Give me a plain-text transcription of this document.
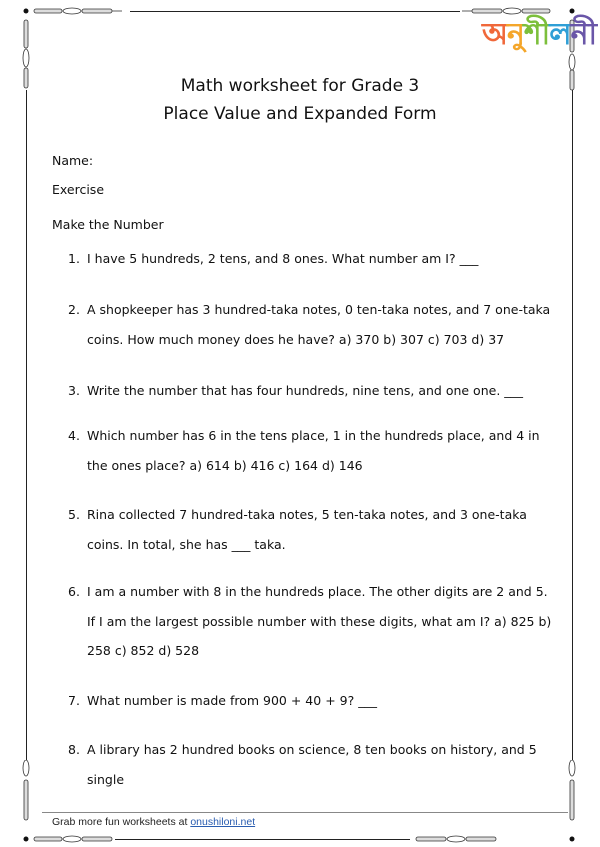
অনুশীলনী
Math worksheet for Grade 3
Place Value and Expanded Form
Name:
Exercise
Make the Number
1. I have 5 hundreds, 2 tens, and 8 ones. What number am I? ___
2. A shopkeeper has 3 hundred-taka notes, 0 ten-taka notes, and 7 one-taka coins. How much money does he have? a) 370 b) 307 c) 703 d) 37
3. Write the number that has four hundreds, nine tens, and one one. ___
4. Which number has 6 in the tens place, 1 in the hundreds place, and 4 in the ones place? a) 614 b) 416 c) 164 d) 146
5. Rina collected 7 hundred-taka notes, 5 ten-taka notes, and 3 one-taka coins. In total, she has ___ taka.
6. I am a number with 8 in the hundreds place. The other digits are 2 and 5. If I am the largest possible number with these digits, what am I? a) 825 b) 258 c) 852 d) 528
7. What number is made from 900 + 40 + 9? ___
8. A library has 2 hundred books on science, 8 ten books on history, and 5 single
Grab more fun worksheets at onushiloni.net
